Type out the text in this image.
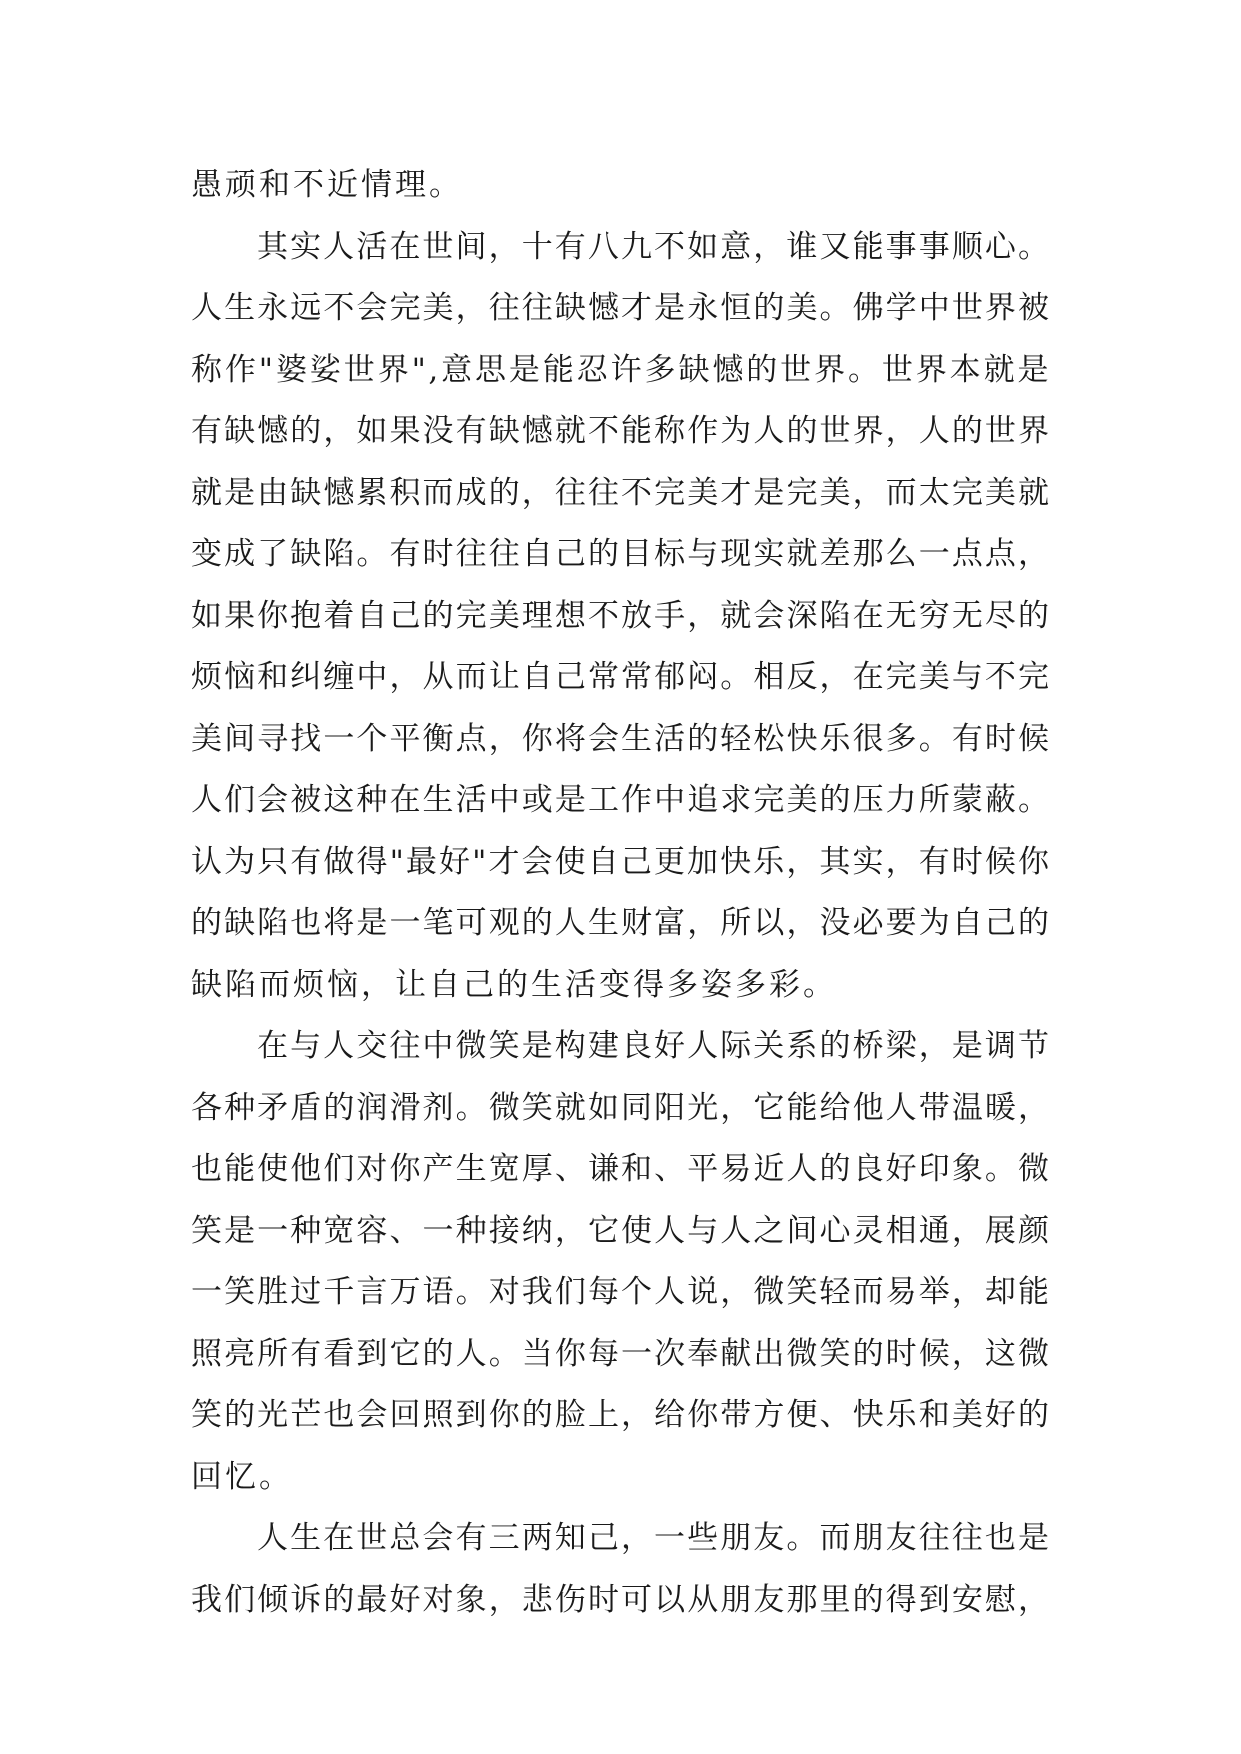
愚顽和不近情理。
其实人活在世间，十有八九不如意，谁又能事事顺心。
人生永远不会完美，往往缺憾才是永恒的美。佛学中世界被
称作"婆娑世界",意思是能忍许多缺憾的世界。世界本就是
有缺憾的，如果没有缺憾就不能称作为人的世界，人的世界
就是由缺憾累积而成的，往往不完美才是完美，而太完美就
变成了缺陷。有时往往自己的目标与现实就差那么一点点，
如果你抱着自己的完美理想不放手，就会深陷在无穷无尽的
烦恼和纠缠中，从而让自己常常郁闷。相反，在完美与不完
美间寻找一个平衡点，你将会生活的轻松快乐很多。有时候
人们会被这种在生活中或是工作中追求完美的压力所蒙蔽。
认为只有做得"最好"才会使自己更加快乐，其实，有时候你
的缺陷也将是一笔可观的人生财富，所以，没必要为自己的
缺陷而烦恼，让自己的生活变得多姿多彩。
在与人交往中微笑是构建良好人际关系的桥梁，是调节
各种矛盾的润滑剂。微笑就如同阳光，它能给他人带温暖，
也能使他们对你产生宽厚、谦和、平易近人的良好印象。微
笑是一种宽容、一种接纳，它使人与人之间心灵相通，展颜
一笑胜过千言万语。对我们每个人说，微笑轻而易举，却能
照亮所有看到它的人。当你每一次奉献出微笑的时候，这微
笑的光芒也会回照到你的脸上，给你带方便、快乐和美好的
回忆。
人生在世总会有三两知己，一些朋友。而朋友往往也是
我们倾诉的最好对象，悲伤时可以从朋友那里的得到安慰，
